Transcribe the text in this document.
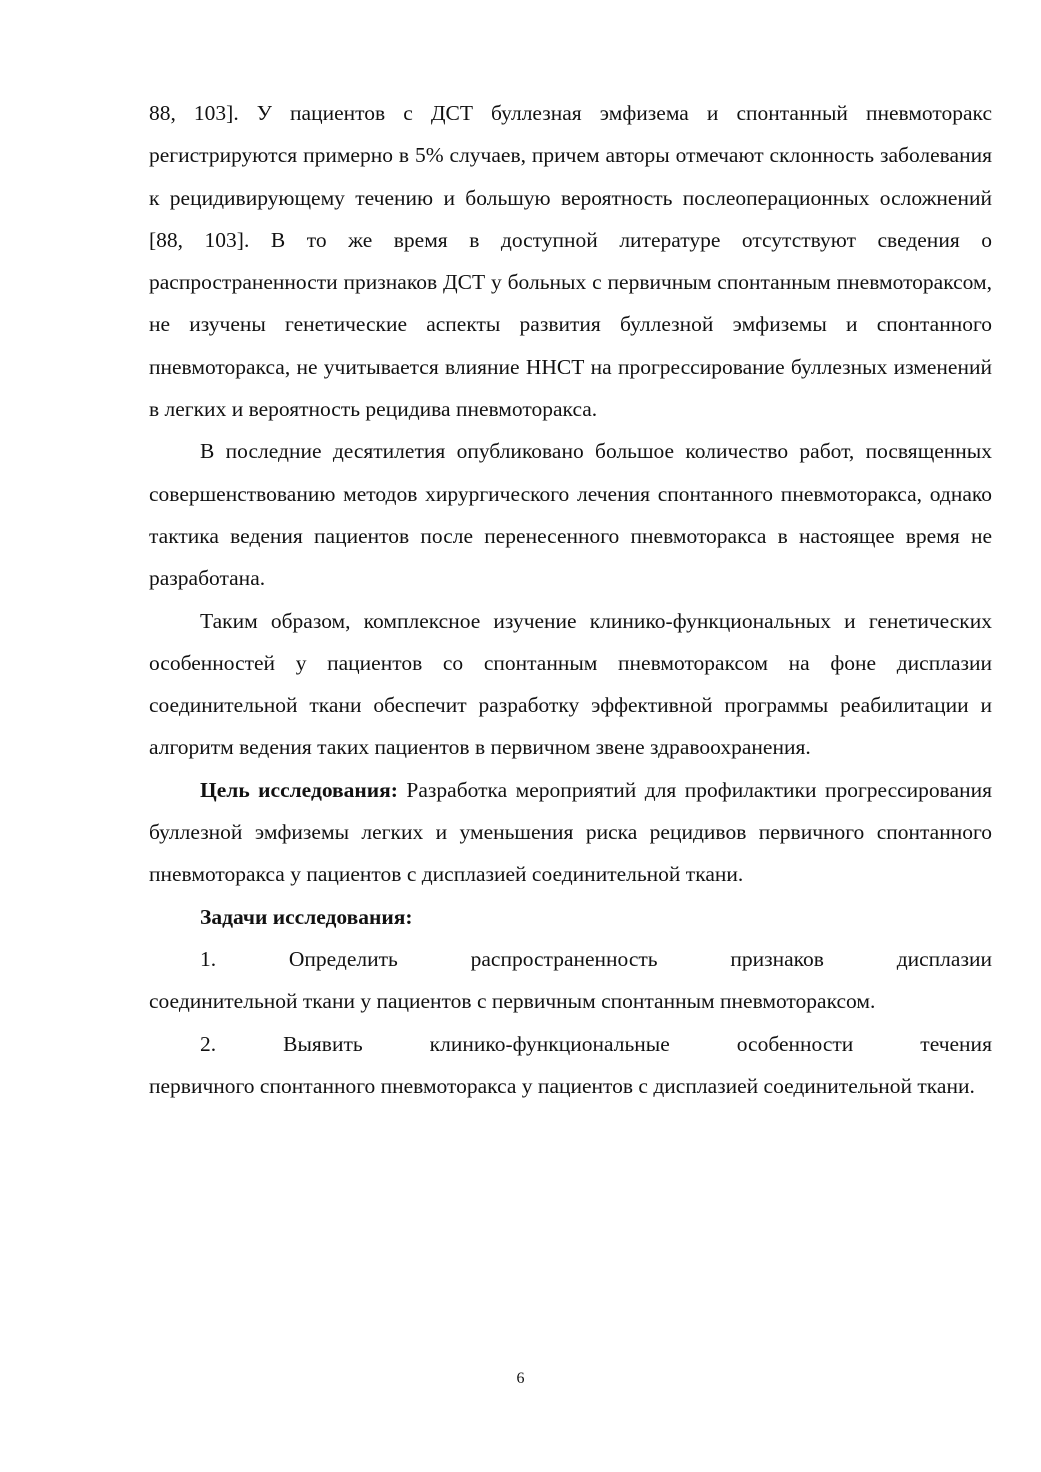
88, 103]. У пациентов с ДСТ буллезная эмфизема и спонтанный пневмоторакс регистрируются примерно в 5% случаев, причем авторы отмечают склонность заболевания к рецидивирующему течению и большую вероятность послеоперационных осложнений [88, 103]. В то же время в доступной литературе отсутствуют сведения о распространенности признаков ДСТ у больных с первичным спонтанным пневмотораксом, не изучены генетические аспекты развития буллезной эмфиземы и спонтанного пневмоторакса, не учитывается влияние ННСТ на прогрессирование буллезных изменений в легких и вероятность рецидива пневмоторакса.

В последние десятилетия опубликовано большое количество работ, посвященных совершенствованию методов хирургического лечения спонтанного пневмоторакса, однако тактика ведения пациентов после перенесенного пневмоторакса в настоящее время не разработана.

Таким образом, комплексное изучение клинико-функциональных и генетических особенностей у пациентов со спонтанным пневмотораксом на фоне дисплазии соединительной ткани обеспечит разработку эффективной программы реабилитации и алгоритм ведения таких пациентов в первичном звене здравоохранения.

Цель исследования: Разработка мероприятий для профилактики прогрессирования буллезной эмфиземы легких и уменьшения риска рецидивов первичного спонтанного пневмоторакса у пациентов с дисплазией соединительной ткани.

Задачи исследования:

1.	Определить	распространенность	признаков	дисплазии

соединительной ткани у пациентов с первичным спонтанным пневмотораксом.

2.	Выявить	клинико-функциональные	особенности	течения

первичного спонтанного пневмоторакса у пациентов с дисплазией соединительной ткани.

6
